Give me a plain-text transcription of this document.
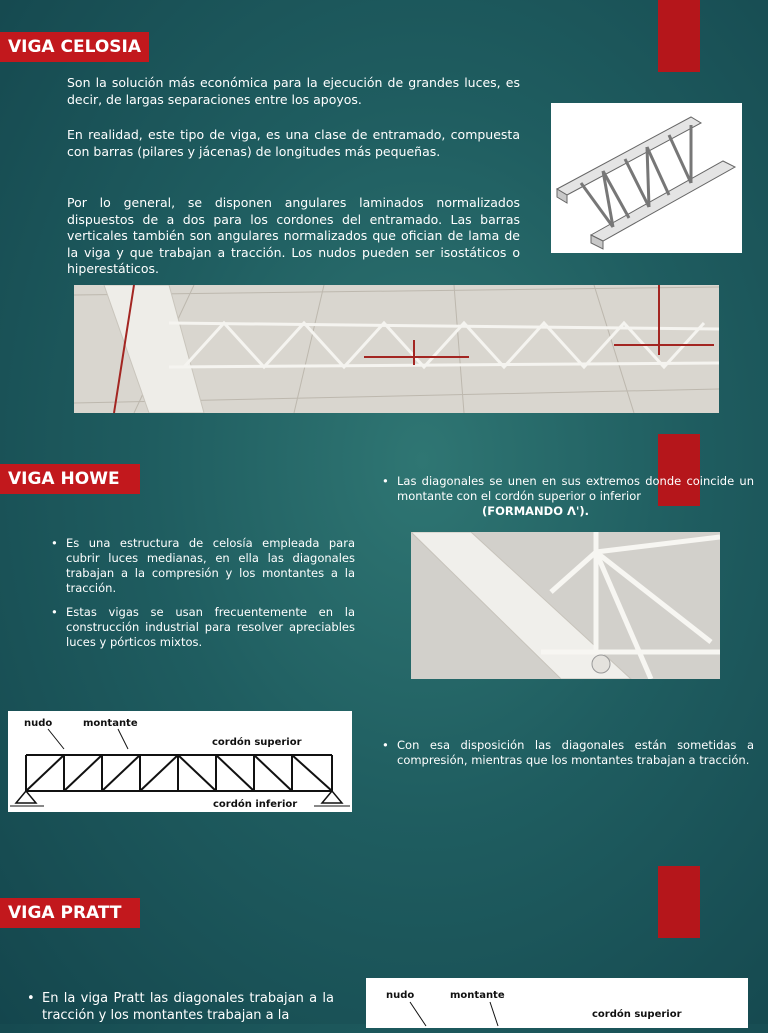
VIGA CELOSIA
Son la solución más económica para la ejecución de grandes luces, es decir, de largas separaciones entre los apoyos.
En realidad, este tipo de viga, es una clase de entramado, compuesta con barras (pilares y jácenas) de longitudes más pequeñas.
Por lo general, se disponen angulares laminados normalizados dispuestos de a dos para los cordones del entramado. Las barras verticales también son angulares normalizados que ofician de lama de la viga y que trabajan a tracción. Los nudos pueden ser isostáticos o hiperestáticos.
VIGA HOWE
•	Las diagonales se unen en sus extremos donde coincide un montante con el cordón superior o inferior
(FORMANDO Λ').
• Es una estructura de celosía empleada para cubrir luces medianas, en ella las diagonales trabajan a la compresión y los montantes a la tracción.
• Estas vigas se usan frecuentemente en la construcción industrial para resolver apreciables luces y pórticos mixtos.
nudo	montante
cordón superior
cordón inferior
• Con esa disposición las diagonales están sometidas a compresión, mientras que los montantes trabajan a tracción.
VIGA PRATT
• En la viga Pratt las diagonales trabajan a la tracción y los montantes trabajan a la
nudo	montante
cordón superior
